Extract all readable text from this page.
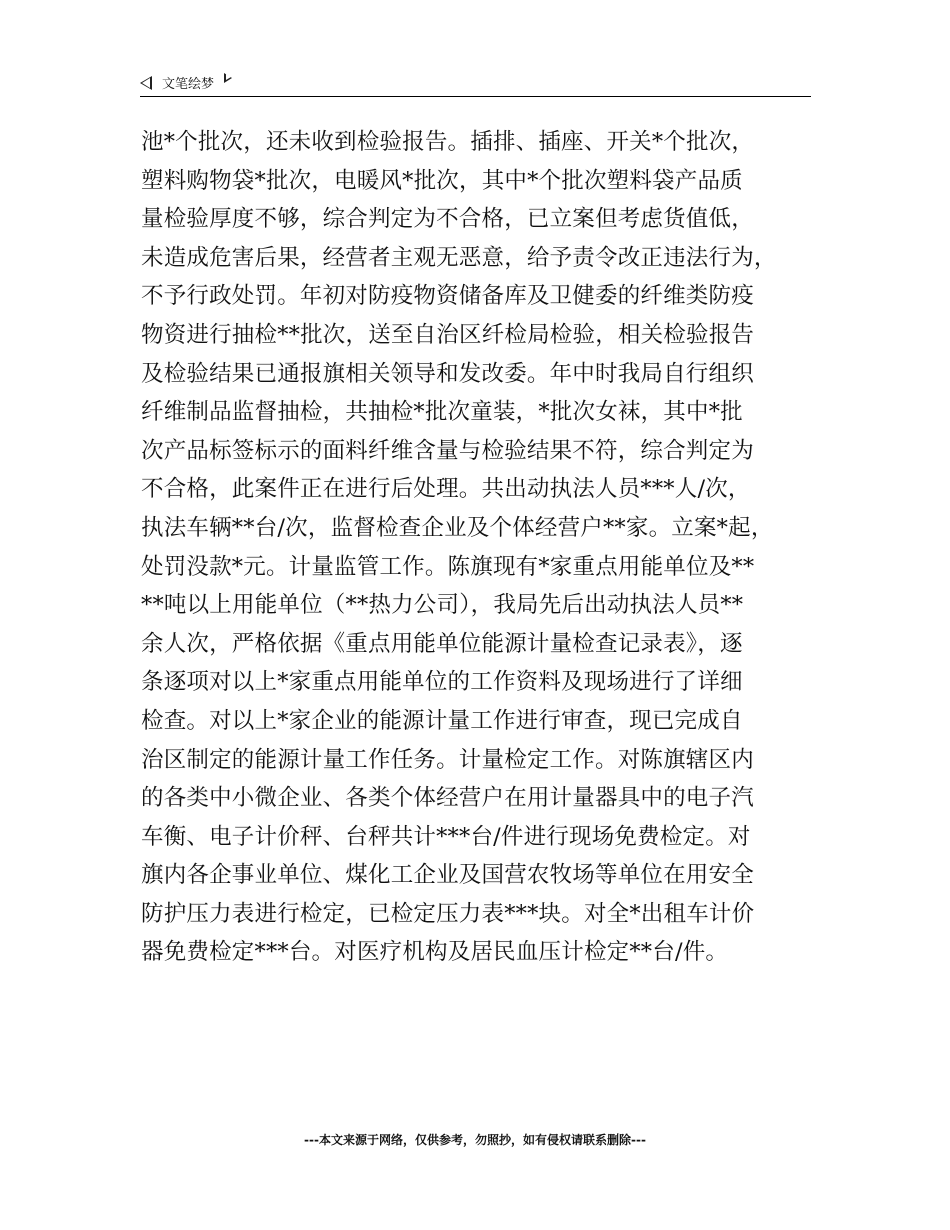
文笔绘梦
池*个批次，还未收到检验报告。插排、插座、开关*个批次，
塑料购物袋*批次，电暖风*批次，其中*个批次塑料袋产品质
量检验厚度不够，综合判定为不合格，已立案但考虑货值低，
未造成危害后果，经营者主观无恶意，给予责令改正违法行为，
不予行政处罚。年初对防疫物资储备库及卫健委的纤维类防疫
物资进行抽检**批次，送至自治区纤检局检验，相关检验报告
及检验结果已通报旗相关领导和发改委。年中时我局自行组织
纤维制品监督抽检，共抽检*批次童装，*批次女袜，其中*批
次产品标签标示的面料纤维含量与检验结果不符，综合判定为
不合格，此案件正在进行后处理。共出动执法人员***人/次，
执法车辆**台/次，监督检查企业及个体经营户**家。立案*起，
处罚没款*元。计量监管工作。陈旗现有*家重点用能单位及**
**吨以上用能单位（**热力公司），我局先后出动执法人员**
余人次，严格依据《重点用能单位能源计量检查记录表》，逐
条逐项对以上*家重点用能单位的工作资料及现场进行了详细
检查。对以上*家企业的能源计量工作进行审查，现已完成自
治区制定的能源计量工作任务。计量检定工作。对陈旗辖区内
的各类中小微企业、各类个体经营户在用计量器具中的电子汽
车衡、电子计价秤、台秤共计***台/件进行现场免费检定。对
旗内各企事业单位、煤化工企业及国营农牧场等单位在用安全
防护压力表进行检定，已检定压力表***块。对全*出租车计价
器免费检定***台。对医疗机构及居民血压计检定**台/件。
---本文来源于网络，仅供参考，勿照抄，如有侵权请联系删除---
